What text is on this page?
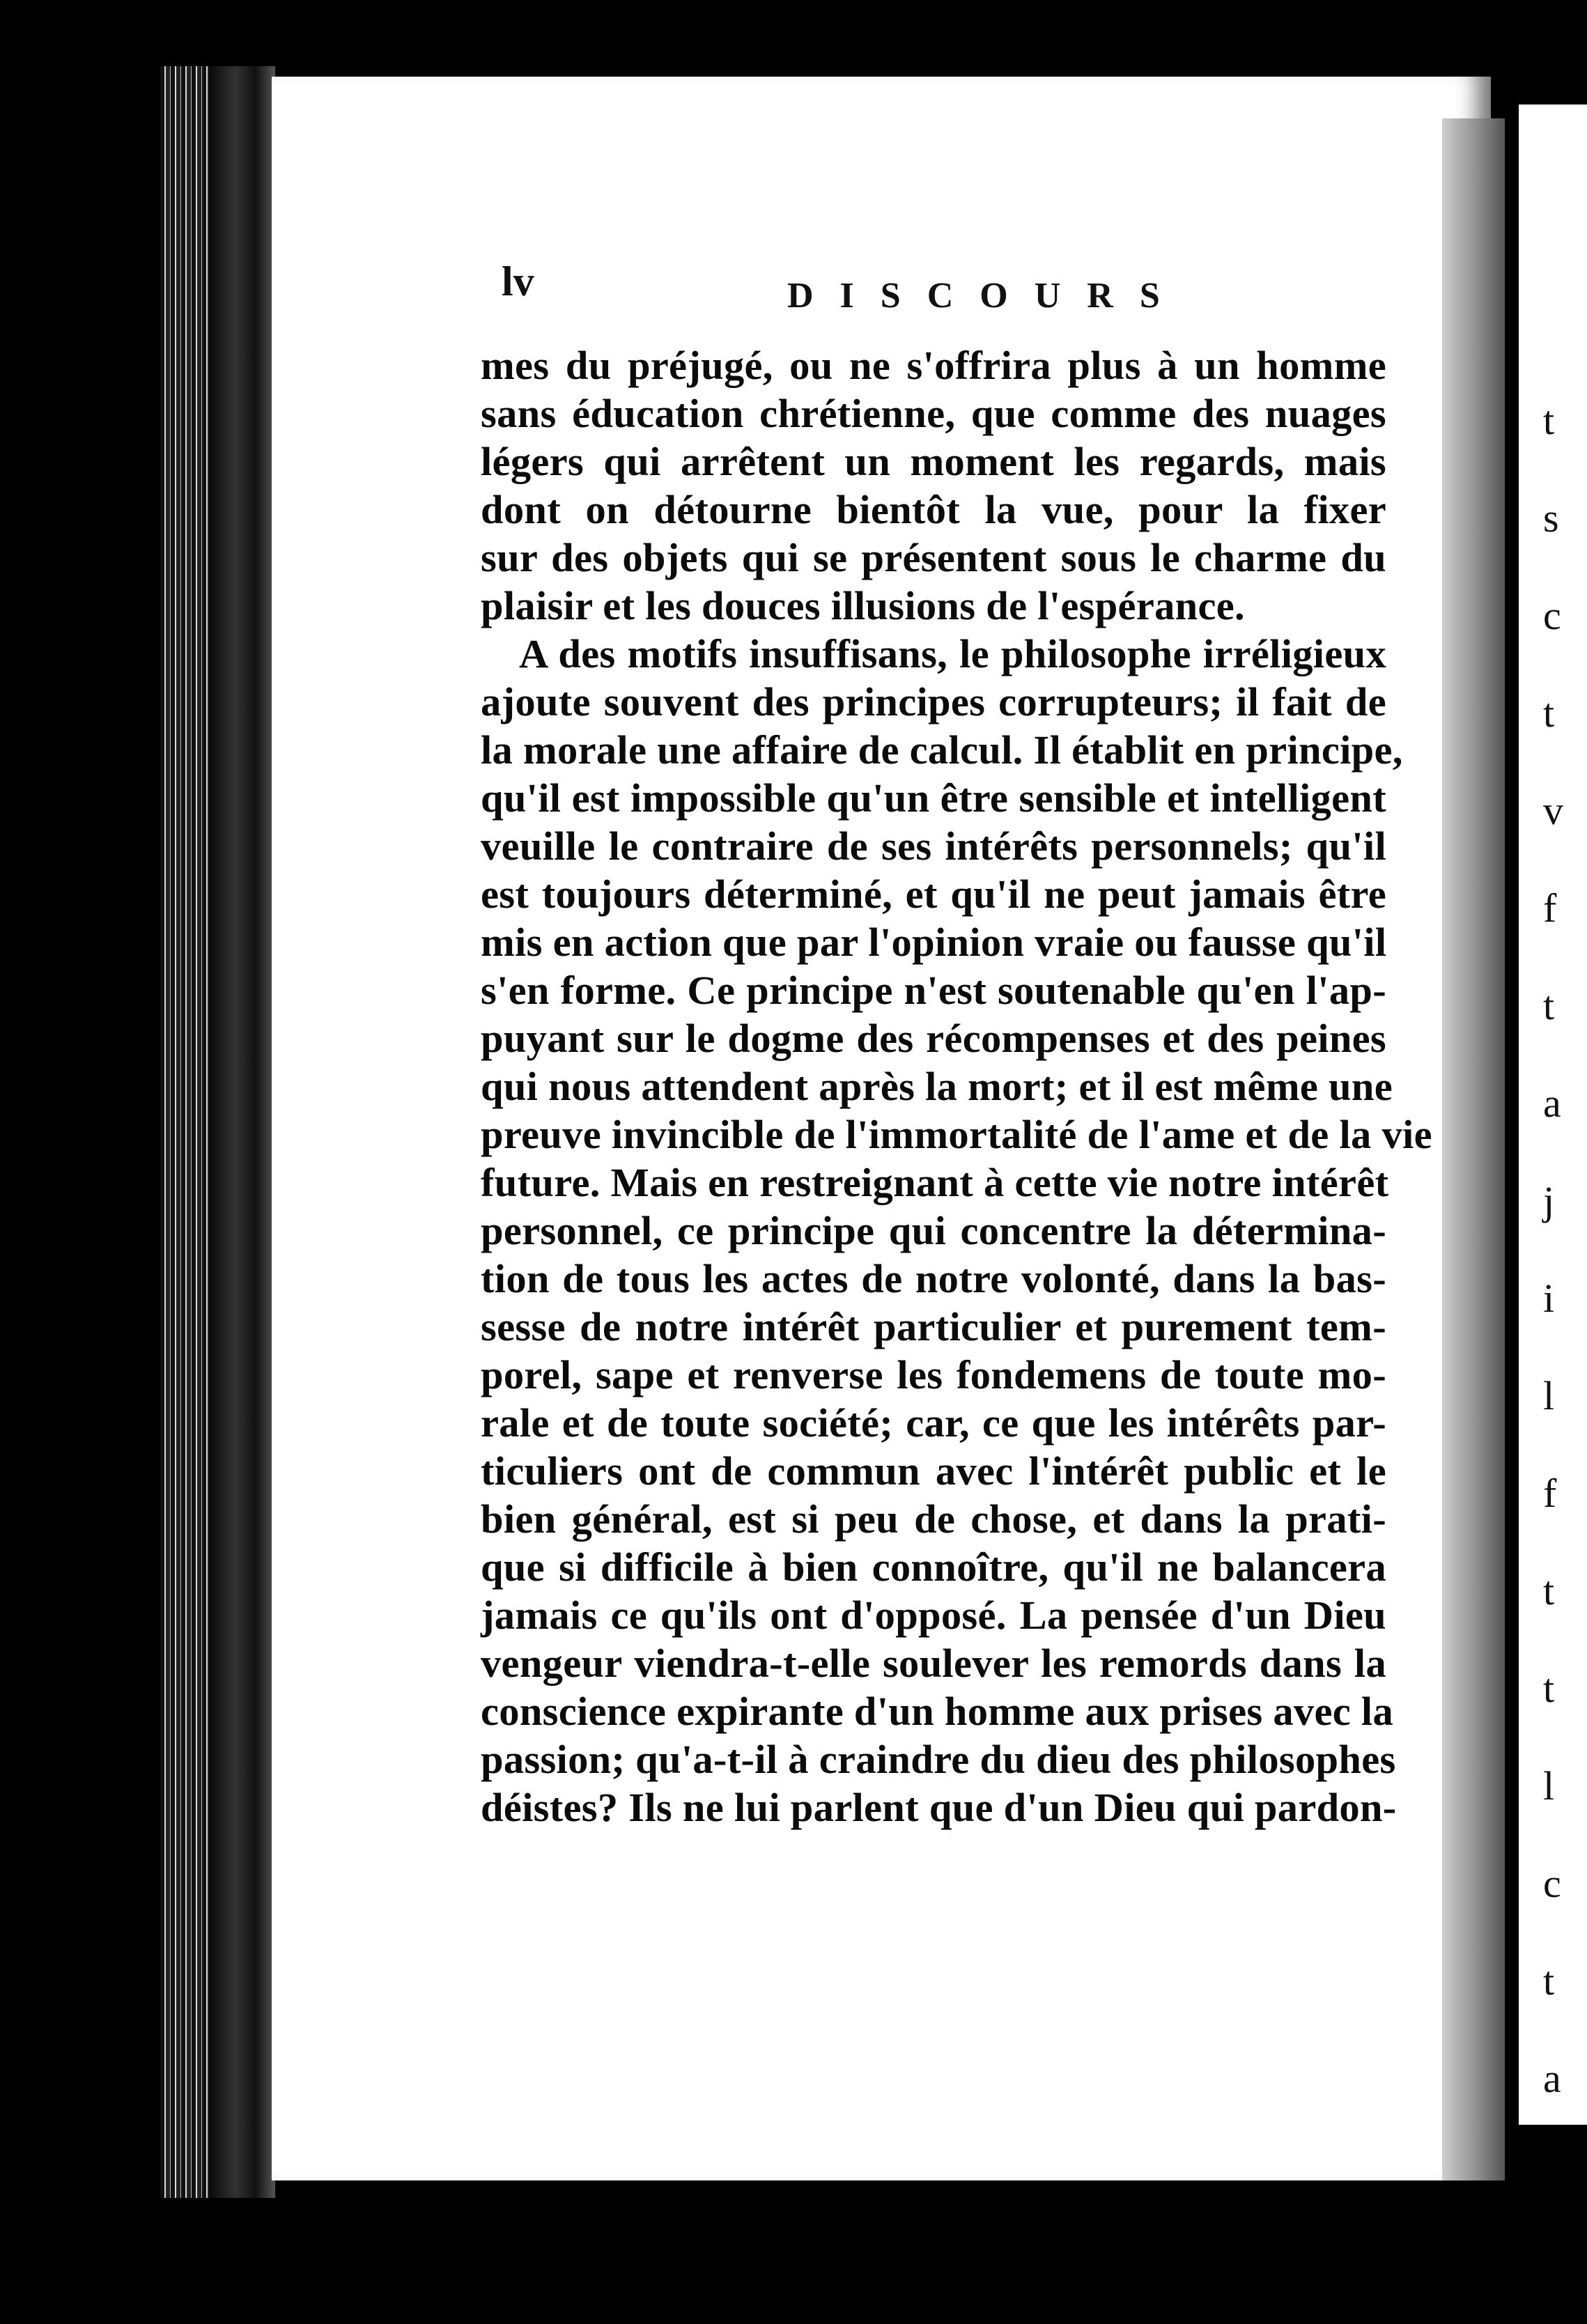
t
s
c
t
v
f
t
a
j
i
l
f
t
t
l
c
t
a
lv	DISCOURS
mes du préjugé, ou ne s'offrira plus à un homme
sans éducation chrétienne, que comme des nuages
légers qui arrêtent un moment les regards, mais
dont on détourne bientôt la vue, pour la fixer
sur des objets qui se présentent sous le charme du
plaisir et les douces illusions de l'espérance.
A des motifs insuffisans, le philosophe irréligieux
ajoute souvent des principes corrupteurs; il fait de
la morale une affaire de calcul. Il établit en principe,
qu'il est impossible qu'un être sensible et intelligent
veuille le contraire de ses intérêts personnels; qu'il
est toujours déterminé, et qu'il ne peut jamais être
mis en action que par l'opinion vraie ou fausse qu'il
s'en forme. Ce principe n'est soutenable qu'en l'ap-
puyant sur le dogme des récompenses et des peines
qui nous attendent après la mort; et il est même une
preuve invincible de l'immortalité de l'ame et de la vie
future. Mais en restreignant à cette vie notre intérêt
personnel, ce principe qui concentre la détermina-
tion de tous les actes de notre volonté, dans la bas-
sesse de notre intérêt particulier et purement tem-
porel, sape et renverse les fondemens de toute mo-
rale et de toute société; car, ce que les intérêts par-
ticuliers ont de commun avec l'intérêt public et le
bien général, est si peu de chose, et dans la prati-
que si difficile à bien connoître, qu'il ne balancera
jamais ce qu'ils ont d'opposé. La pensée d'un Dieu
vengeur viendra-t-elle soulever les remords dans la
conscience expirante d'un homme aux prises avec la
passion; qu'a-t-il à craindre du dieu des philosophes
déistes? Ils ne lui parlent que d'un Dieu qui pardon-
